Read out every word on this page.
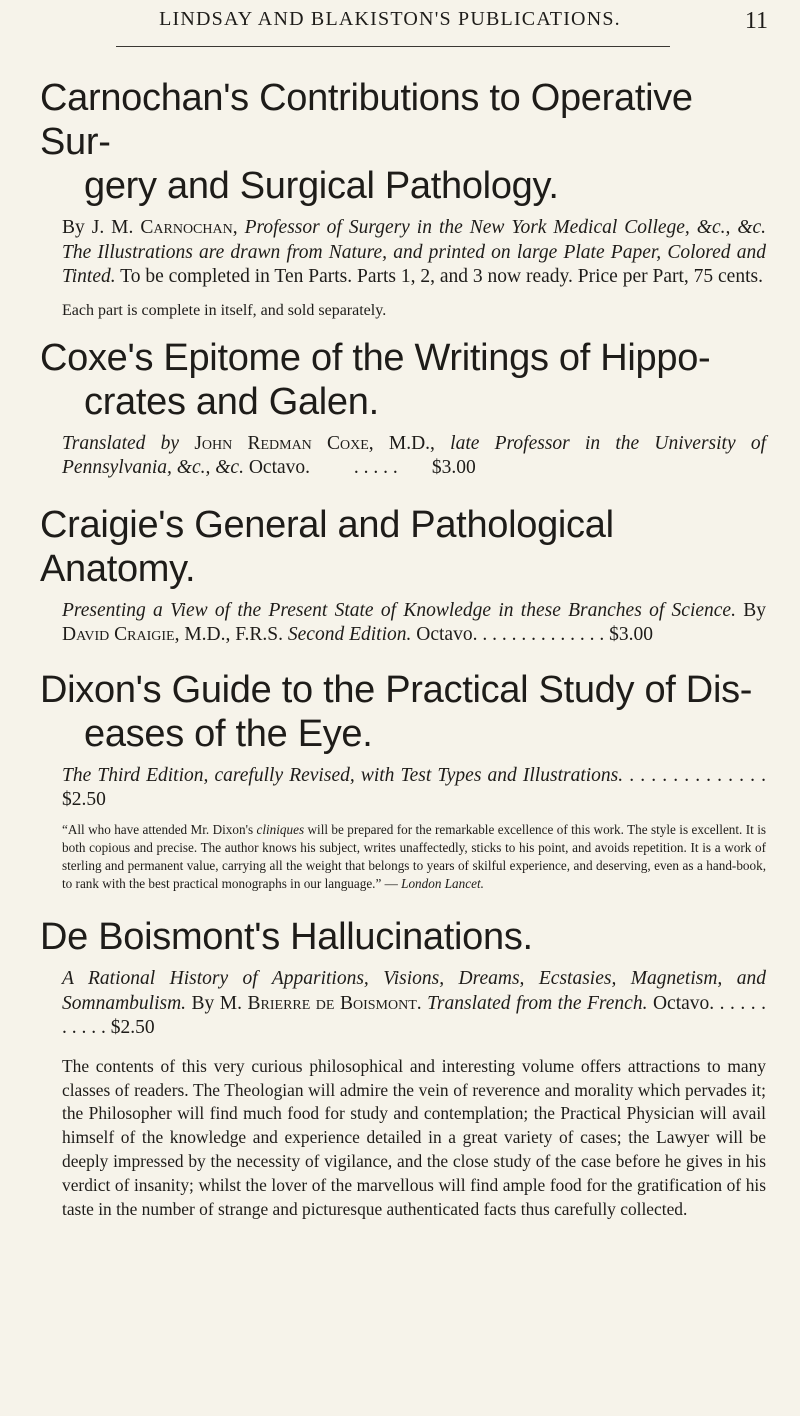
LINDSAY AND BLAKISTON'S PUBLICATIONS.	11
Carnochan's Contributions to Operative Sur-
gery and Surgical Pathology.

By J. M. Carnochan, Professor of Surgery in the New York Medical College, &c., &c. The Illustrations are drawn from Nature, and printed on large Plate Paper, Colored and Tinted. To be completed in Ten Parts. Parts 1, 2, and 3 now ready. Price per Part, 75 cents.

Each part is complete in itself, and sold separately.

Coxe's Epitome of the Writings of Hippo-
crates and Galen.

Translated by John Redman Coxe, M.D., late Professor in the University of Pennsylvania, &c., &c. Octavo. . . . . . $3.00

Craigie's General and Pathological Anatomy.

Presenting a View of the Present State of Knowledge in these Branches of Science. By David Craigie, M.D., F.R.S. Second Edition. Octavo. . . . . . . . . . . . . . $3.00

Dixon's Guide to the Practical Study of Dis-
eases of the Eye.

The Third Edition, carefully Revised, with Test Types and Illustrations. . . . . . . . . . . . . . $2.50

“All who have attended Mr. Dixon's cliniques will be prepared for the remarkable excellence of this work. The style is excellent. It is both copious and precise. The author knows his subject, writes unaffectedly, sticks to his point, and avoids repetition. It is a work of sterling and permanent value, carrying all the weight that belongs to years of skilful experience, and deserving, even as a hand-book, to rank with the best practical monographs in our language.” — London Lancet.

De Boismont's Hallucinations.

A Rational History of Apparitions, Visions, Dreams, Ecstasies, Magnetism, and Somnambulism. By M. Brierre de Boismont. Translated from the French. Octavo. . . . . . . . . . . $2.50

The contents of this very curious philosophical and interesting volume offers attractions to many classes of readers. The Theologian will admire the vein of reverence and morality which pervades it; the Philosopher will find much food for study and contemplation; the Practical Physician will avail himself of the knowledge and experience detailed in a great variety of cases; the Lawyer will be deeply impressed by the necessity of vigilance, and the close study of the case before he gives in his verdict of insanity; whilst the lover of the marvellous will find ample food for the gratification of his taste in the number of strange and picturesque authenticated facts thus carefully collected.
